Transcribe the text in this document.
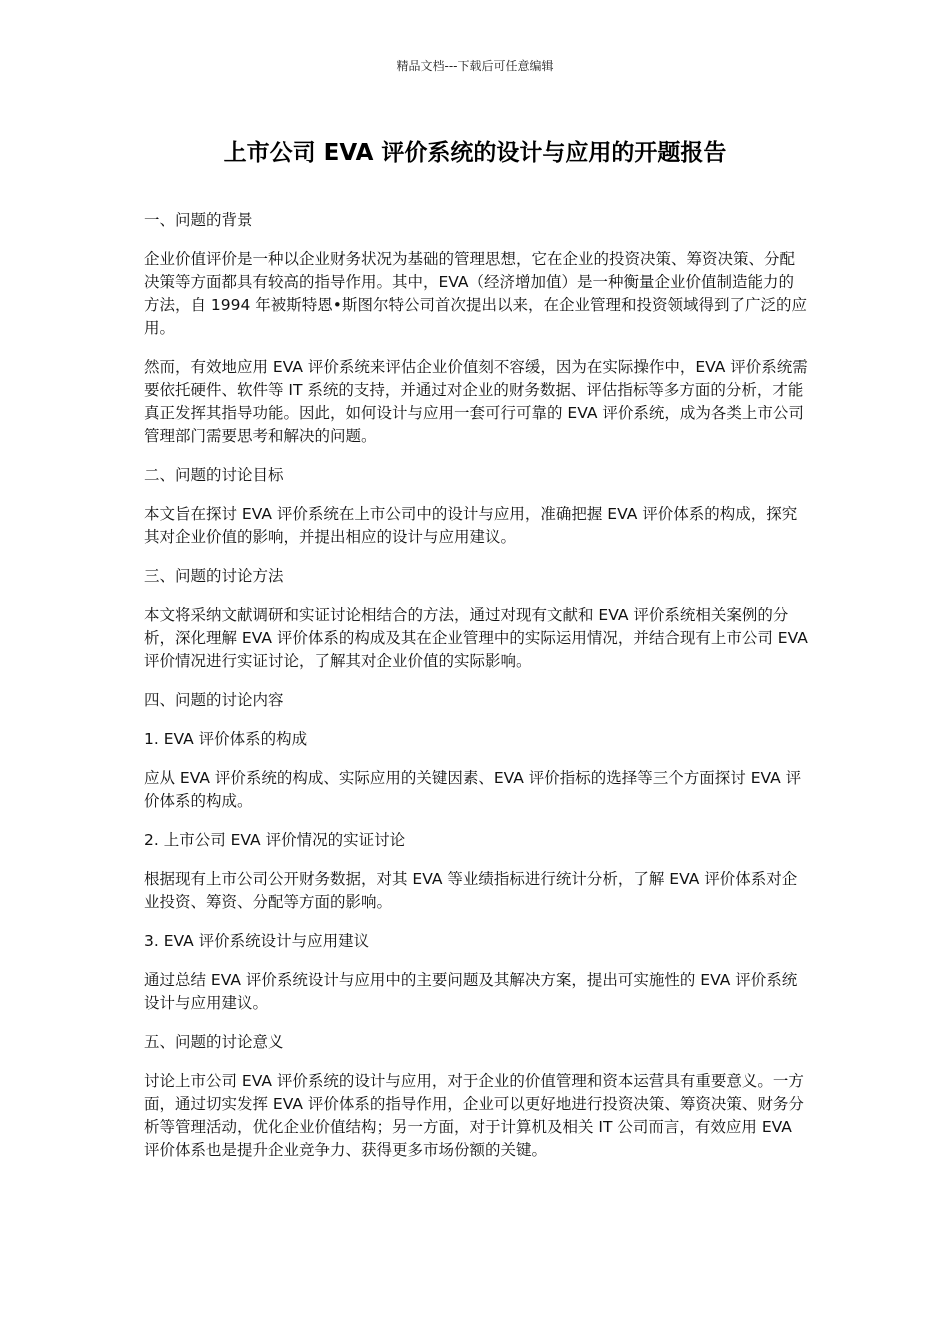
精品文档---下载后可任意编辑
上市公司 EVA 评价系统的设计与应用的开题报告
一、问题的背景
企业价值评价是一种以企业财务状况为基础的管理思想，它在企业的投资决策、筹资决策、分配决策等方面都具有较高的指导作用。其中，EVA（经济增加值）是一种衡量企业价值制造能力的方法，自 1994 年被斯特恩•斯图尔特公司首次提出以来，在企业管理和投资领域得到了广泛的应用。
然而，有效地应用 EVA 评价系统来评估企业价值刻不容缓，因为在实际操作中，EVA 评价系统需要依托硬件、软件等 IT 系统的支持，并通过对企业的财务数据、评估指标等多方面的分析，才能真正发挥其指导功能。因此，如何设计与应用一套可行可靠的 EVA 评价系统，成为各类上市公司管理部门需要思考和解决的问题。
二、问题的讨论目标
本文旨在探讨 EVA 评价系统在上市公司中的设计与应用，准确把握 EVA 评价体系的构成，探究其对企业价值的影响，并提出相应的设计与应用建议。
三、问题的讨论方法
本文将采纳文献调研和实证讨论相结合的方法，通过对现有文献和 EVA 评价系统相关案例的分析，深化理解 EVA 评价体系的构成及其在企业管理中的实际运用情况，并结合现有上市公司 EVA 评价情况进行实证讨论，了解其对企业价值的实际影响。
四、问题的讨论内容
1. EVA 评价体系的构成
应从 EVA 评价系统的构成、实际应用的关键因素、EVA 评价指标的选择等三个方面探讨 EVA 评价体系的构成。
2. 上市公司 EVA 评价情况的实证讨论
根据现有上市公司公开财务数据，对其 EVA 等业绩指标进行统计分析，了解 EVA 评价体系对企业投资、筹资、分配等方面的影响。
3. EVA 评价系统设计与应用建议
通过总结 EVA 评价系统设计与应用中的主要问题及其解决方案，提出可实施性的 EVA 评价系统设计与应用建议。
五、问题的讨论意义
讨论上市公司 EVA 评价系统的设计与应用，对于企业的价值管理和资本运营具有重要意义。一方面，通过切实发挥 EVA 评价体系的指导作用，企业可以更好地进行投资决策、筹资决策、财务分析等管理活动，优化企业价值结构；另一方面，对于计算机及相关 IT 公司而言，有效应用 EVA 评价体系也是提升企业竞争力、获得更多市场份额的关键。
